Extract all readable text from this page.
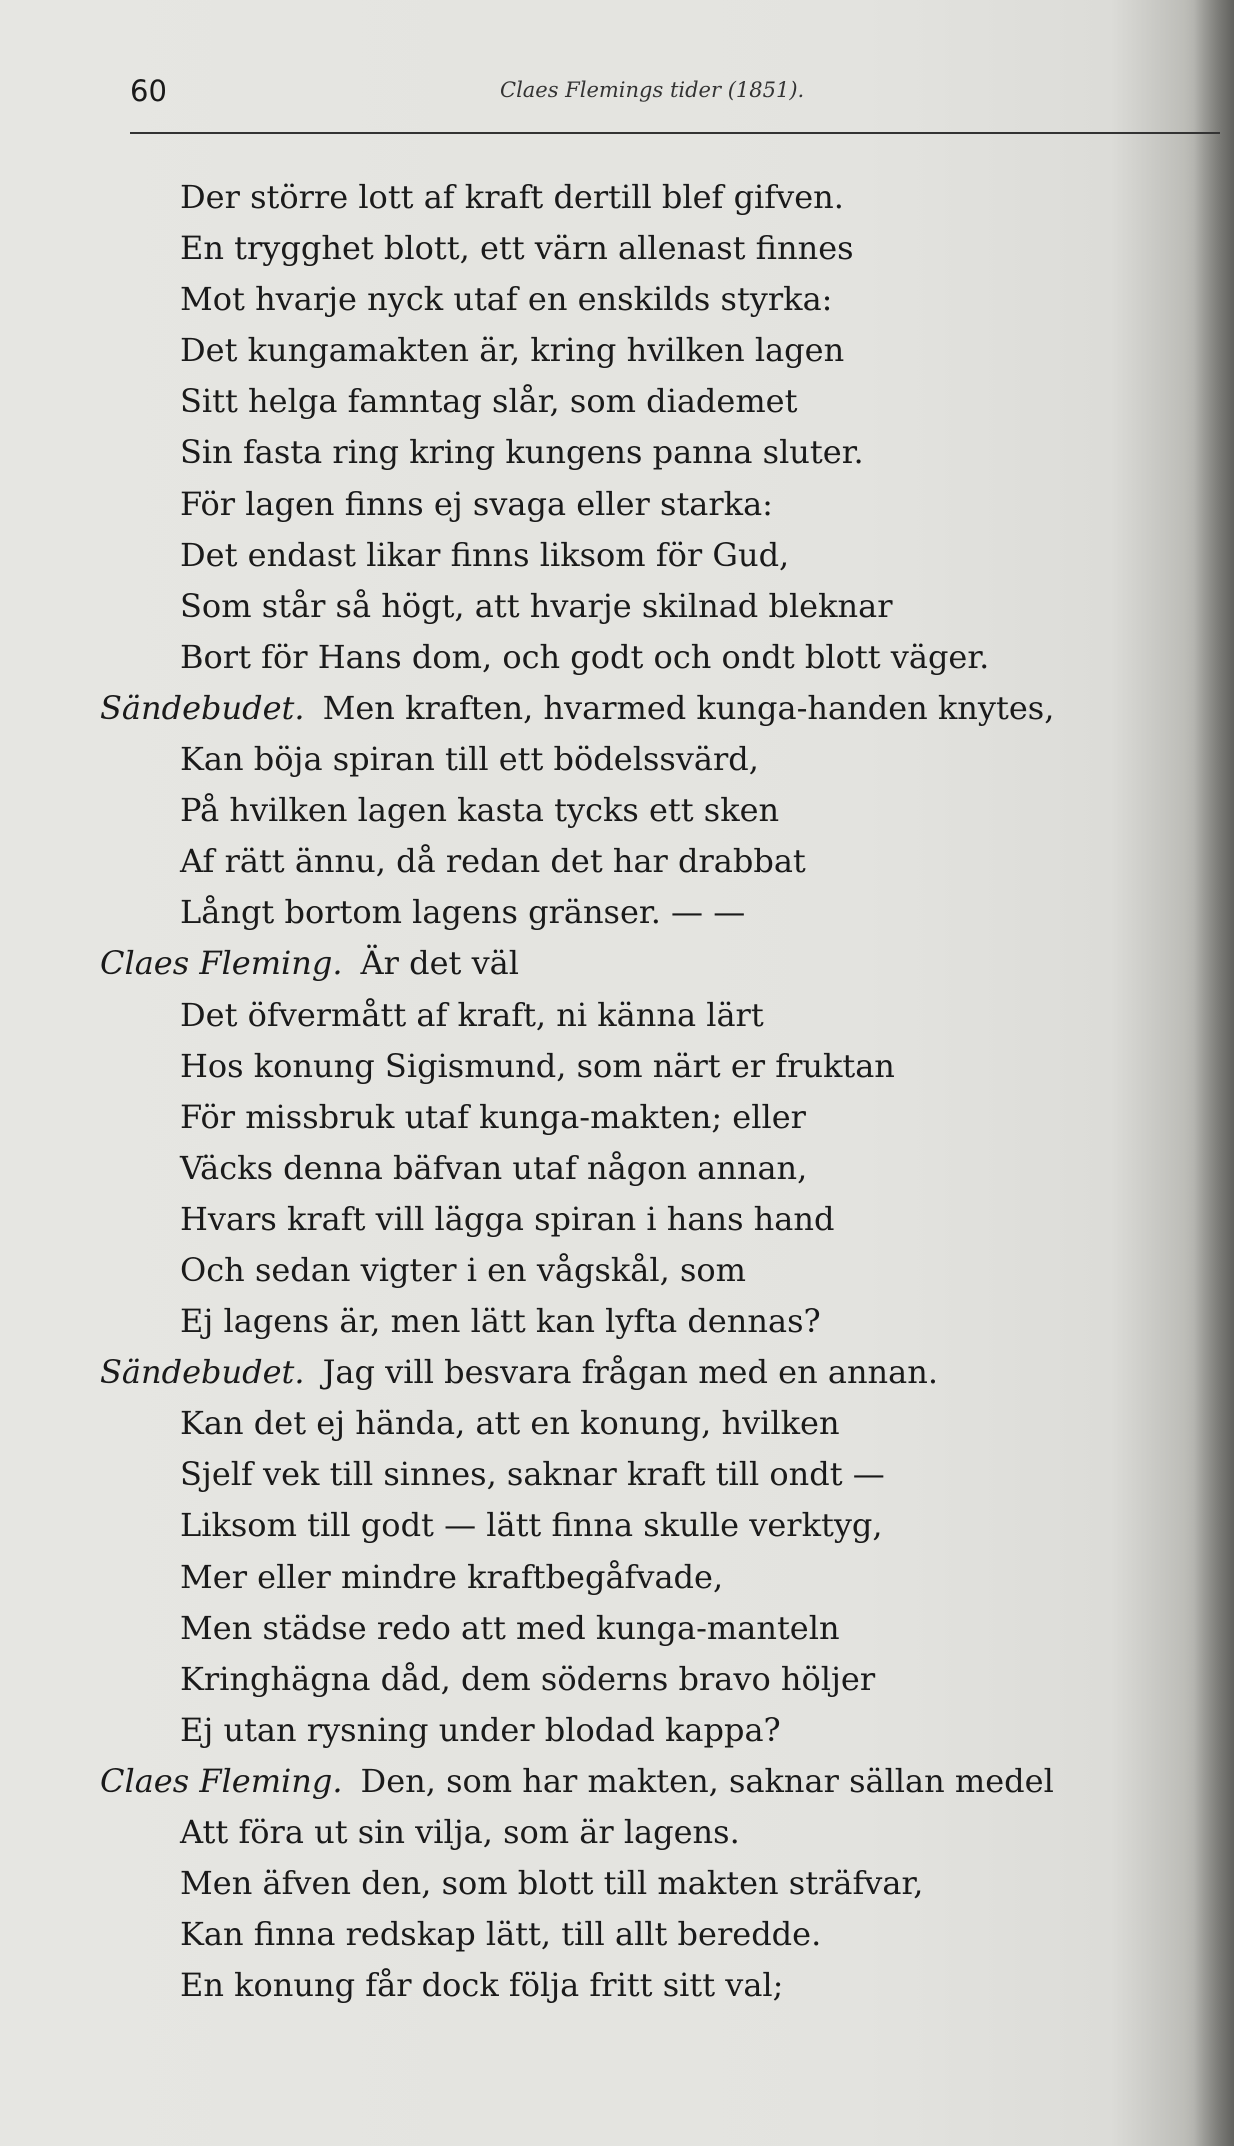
60	Claes Flemings tider (1851).
Der större lott af kraft dertill blef gifven.
En trygghet blott, ett värn allenast finnes
Mot hvarje nyck utaf en enskilds styrka:
Det kungamakten är, kring hvilken lagen
Sitt helga famntag slår, som diademet
Sin fasta ring kring kungens panna sluter.
För lagen finns ej svaga eller starka:
Det endast likar finns liksom för Gud,
Som står så högt, att hvarje skilnad bleknar
Bort för Hans dom, och godt och ondt blott väger.
Sändebudet. Men kraften, hvarmed kunga-handen knytes,
Kan böja spiran till ett bödelssvärd,
På hvilken lagen kasta tycks ett sken
Af rätt ännu, då redan det har drabbat
Långt bortom lagens gränser. — —
Claes Fleming. Är det väl
Det öfvermått af kraft, ni känna lärt
Hos konung Sigismund, som närt er fruktan
För missbruk utaf kunga-makten; eller
Väcks denna bäfvan utaf någon annan,
Hvars kraft vill lägga spiran i hans hand
Och sedan vigter i en vågskål, som
Ej lagens är, men lätt kan lyfta dennas?
Sändebudet. Jag vill besvara frågan med en annan.
Kan det ej hända, att en konung, hvilken
Sjelf vek till sinnes, saknar kraft till ondt —
Liksom till godt — lätt finna skulle verktyg,
Mer eller mindre kraftbegåfvade,
Men städse redo att med kunga-manteln
Kringhägna dåd, dem söderns bravo höljer
Ej utan rysning under blodad kappa?
Claes Fleming. Den, som har makten, saknar sällan medel
Att föra ut sin vilja, som är lagens.
Men äfven den, som blott till makten sträfvar,
Kan finna redskap lätt, till allt beredde.
En konung får dock följa fritt sitt val;
